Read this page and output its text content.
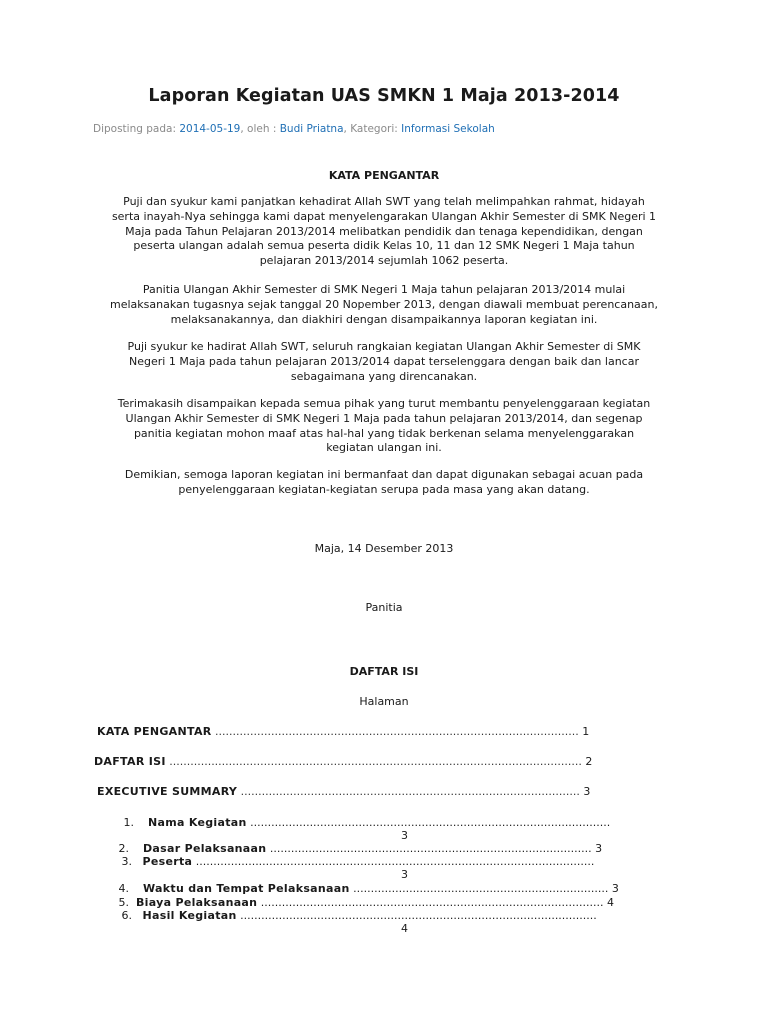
Laporan Kegiatan UAS SMKN 1 Maja 2013-2014
Diposting pada: 2014-05-19, oleh : Budi Priatna, Kategori: Informasi Sekolah
KATA PENGANTAR
Puji dan syukur kami panjatkan kehadirat Allah SWT yang telah melimpahkan rahmat, hidayah
serta inayah-Nya sehingga kami dapat menyelengarakan Ulangan Akhir Semester di SMK Negeri 1
Maja pada Tahun Pelajaran 2013/2014 melibatkan pendidik dan tenaga kependidikan, dengan
peserta ulangan adalah semua peserta didik Kelas 10, 11 dan 12 SMK Negeri 1 Maja tahun
pelajaran 2013/2014 sejumlah 1062 peserta.
Panitia Ulangan Akhir Semester di SMK Negeri 1 Maja tahun pelajaran 2013/2014 mulai
melaksanakan tugasnya sejak tanggal 20 Nopember 2013, dengan diawali membuat perencanaan,
melaksanakannya, dan diakhiri dengan disampaikannya laporan kegiatan ini.
Puji syukur ke hadirat Allah SWT, seluruh rangkaian kegiatan Ulangan Akhir Semester di SMK
Negeri 1 Maja pada tahun pelajaran 2013/2014 dapat terselenggara dengan baik dan lancar
sebagaimana yang direncanakan.
Terimakasih disampaikan kepada semua pihak yang turut membantu penyelenggaraan kegiatan
Ulangan Akhir Semester di SMK Negeri 1 Maja pada tahun pelajaran 2013/2014, dan segenap
panitia kegiatan mohon maaf atas hal-hal yang tidak berkenan selama menyelenggarakan
kegiatan ulangan ini.
Demikian, semoga laporan kegiatan ini bermanfaat dan dapat digunakan sebagai acuan pada
penyelenggaraan kegiatan-kegiatan serupa pada masa yang akan datang.
Maja, 14 Desember 2013
Panitia
DAFTAR ISI
Halaman
KATA PENGANTAR ........................................................................................................ 1
DAFTAR ISI ...................................................................................................................... 2
EXECUTIVE SUMMARY ................................................................................................. 3
1. Nama Kegiatan .......................................................................................................
3
2. Dasar Pelaksanaan ............................................................................................ 3
3. Peserta ..................................................................................................................
3
4. Waktu dan Tempat Pelaksanaan ......................................................................... 3
5. Biaya Pelaksanaan .................................................................................................. 4
6. Hasil Kegiatan ......................................................................................................
4
